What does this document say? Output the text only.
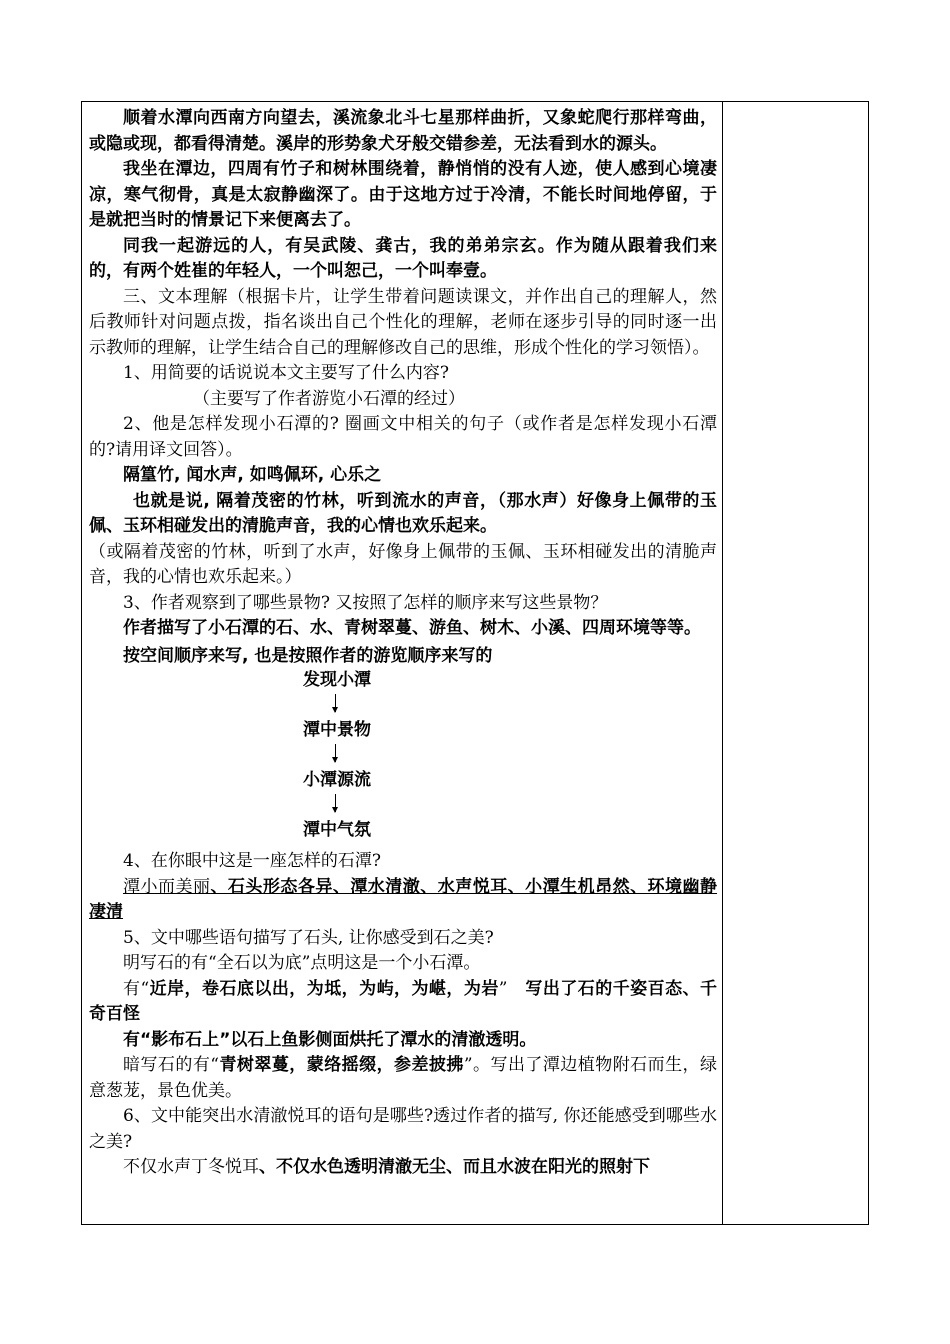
顺着水潭向西南方向望去，溪流象北斗七星那样曲折，又象蛇爬行那样弯曲，或隐或现，都看得清楚。溪岸的形势象犬牙般交错参差，无法看到水的源头。

我坐在潭边，四周有竹子和树林围绕着，静悄悄的没有人迹，使人感到心境凄凉，寒气彻骨，真是太寂静幽深了。由于这地方过于冷清，不能长时间地停留，于是就把当时的情景记下来便离去了。

同我一起游远的人，有吴武陵、龚古，我的弟弟宗玄。作为随从跟着我们来的，有两个姓崔的年轻人，一个叫恕己，一个叫奉壹。

三、文本理解（根据卡片，让学生带着问题读课文，并作出自己的理解人，然后教师针对问题点拨，指名谈出自己个性化的理解，老师在逐步引导的同时逐一出示教师的理解，让学生结合自己的理解修改自己的思维，形成个性化的学习领悟）。

1、用简要的话说说本文主要写了什么内容?

（主要写了作者游览小石潭的经过）

2、他是怎样发现小石潭的? 圈画文中相关的句子（或作者是怎样发现小石潭的?请用译文回答）。

隔篁竹, 闻水声, 如鸣佩环, 心乐之

也就是说, 隔着茂密的竹林，听到流水的声音，（那水声）好像身上佩带的玉佩、玉环相碰发出的清脆声音，我的心情也欢乐起来。

（或隔着茂密的竹林，听到了水声，好像身上佩带的玉佩、玉环相碰发出的清脆声音，我的心情也欢乐起来。）

3、作者观察到了哪些景物? 又按照了怎样的顺序来写这些景物？

作者描写了小石潭的石、水、青树翠蔓、游鱼、树木、小溪、四周环境等等。

按空间顺序来写, 也是按照作者的游览顺序来写的

发现小潭
潭中景物
小潭源流
潭中气氛

4、在你眼中这是一座怎样的石潭?

潭小而美丽、石头形态各异、潭水清澈、水声悦耳、小潭生机昂然、环境幽静凄清

5、文中哪些语句描写了石头, 让你感受到石之美?

明写石的有“全石以为底”点明这是一个小石潭。

有“近岸，卷石底以出，为坻，为屿，为嵁，为岩”　写出了石的千姿百态、千奇百怪

有“影布石上”以石上鱼影侧面烘托了潭水的清澈透明。

暗写石的有“青树翠蔓，蒙络摇缀，参差披拂”。写出了潭边植物附石而生，绿意葱茏，景色优美。

6、文中能突出水清澈悦耳的语句是哪些?透过作者的描写, 你还能感受到哪些水之美?

不仅水声丁冬悦耳、不仅水色透明清澈无尘、而且水波在阳光的照射下
